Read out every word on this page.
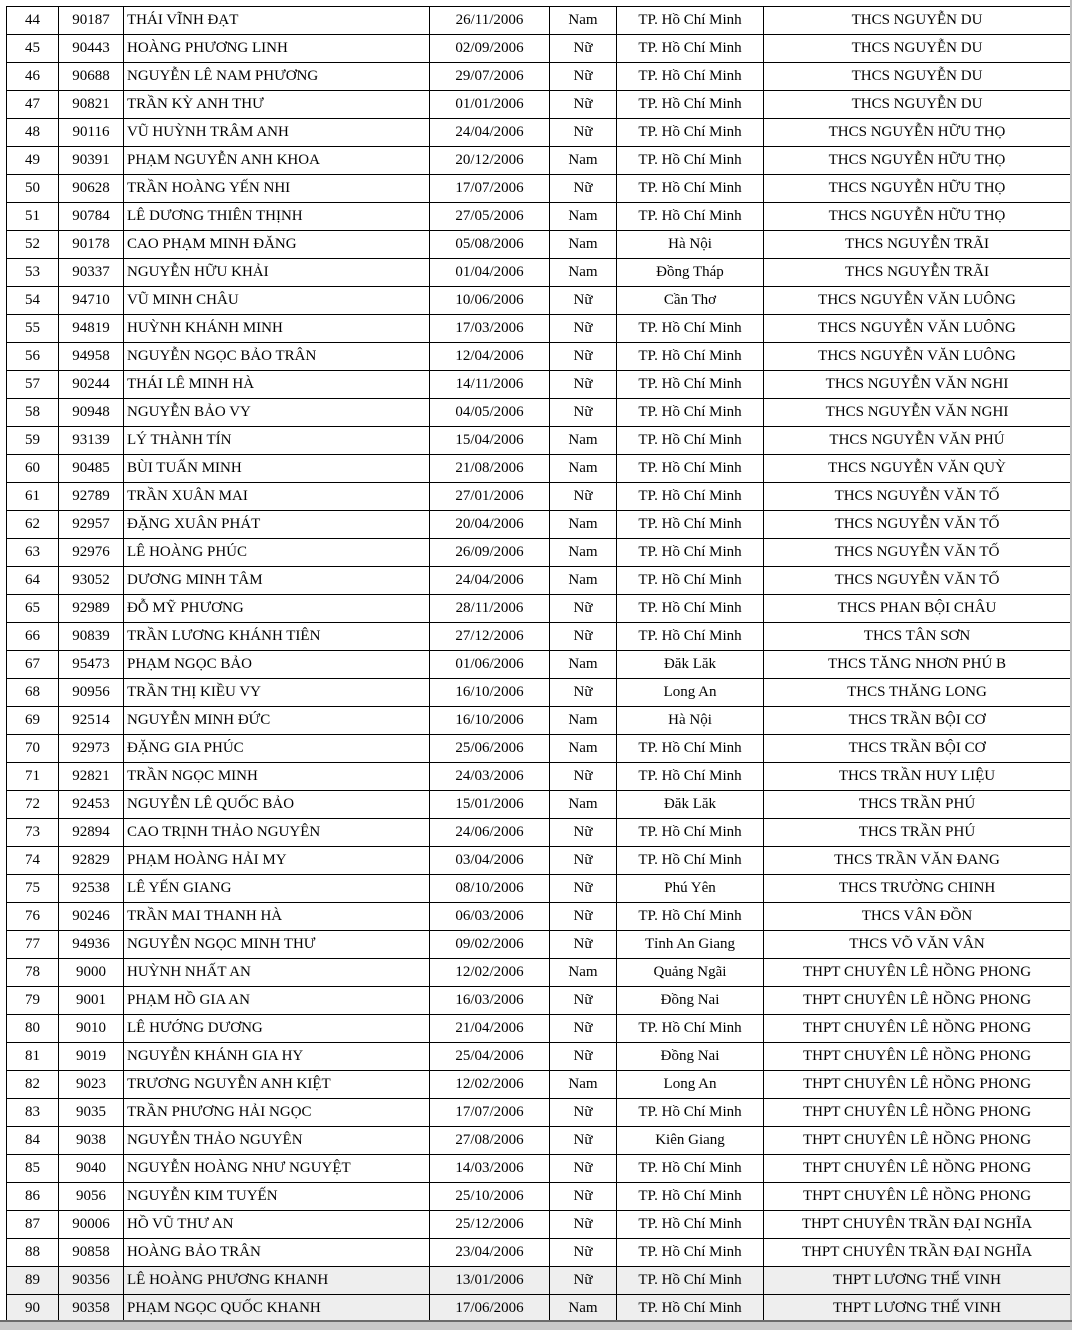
44	90187	THÁI VĨNH ĐẠT	26/11/2006	Nam	TP. Hồ Chí Minh	THCS NGUYỄN DU
45	90443	HOÀNG PHƯƠNG LINH	02/09/2006	Nữ	TP. Hồ Chí Minh	THCS NGUYỄN DU
46	90688	NGUYỄN LÊ NAM PHƯƠNG	29/07/2006	Nữ	TP. Hồ Chí Minh	THCS NGUYỄN DU
47	90821	TRẦN KỲ ANH THƯ	01/01/2006	Nữ	TP. Hồ Chí Minh	THCS NGUYỄN DU
48	90116	VŨ HUỲNH TRÂM ANH	24/04/2006	Nữ	TP. Hồ Chí Minh	THCS NGUYỄN HỮU THỌ
49	90391	PHẠM NGUYỄN ANH KHOA	20/12/2006	Nam	TP. Hồ Chí Minh	THCS NGUYỄN HỮU THỌ
50	90628	TRẦN HOÀNG YẾN NHI	17/07/2006	Nữ	TP. Hồ Chí Minh	THCS NGUYỄN HỮU THỌ
51	90784	LÊ DƯƠNG THIÊN THỊNH	27/05/2006	Nam	TP. Hồ Chí Minh	THCS NGUYỄN HỮU THỌ
52	90178	CAO PHẠM MINH ĐĂNG	05/08/2006	Nam	Hà Nội	THCS NGUYỄN TRÃI
53	90337	NGUYỄN HỮU KHẢI	01/04/2006	Nam	Đồng Tháp	THCS NGUYỄN TRÃI
54	94710	VŨ MINH CHÂU	10/06/2006	Nữ	Cần Thơ	THCS NGUYỄN VĂN LUÔNG
55	94819	HUỲNH KHÁNH MINH	17/03/2006	Nữ	TP. Hồ Chí Minh	THCS NGUYỄN VĂN LUÔNG
56	94958	NGUYỄN NGỌC BẢO TRÂN	12/04/2006	Nữ	TP. Hồ Chí Minh	THCS NGUYỄN VĂN LUÔNG
57	90244	THÁI LÊ MINH HÀ	14/11/2006	Nữ	TP. Hồ Chí Minh	THCS NGUYỄN VĂN NGHI
58	90948	NGUYỄN BẢO VY	04/05/2006	Nữ	TP. Hồ Chí Minh	THCS NGUYỄN VĂN NGHI
59	93139	LÝ THÀNH TÍN	15/04/2006	Nam	TP. Hồ Chí Minh	THCS NGUYỄN VĂN PHÚ
60	90485	BÙI TUẤN MINH	21/08/2006	Nam	TP. Hồ Chí Minh	THCS NGUYỄN VĂN QUỲ
61	92789	TRẦN XUÂN MAI	27/01/2006	Nữ	TP. Hồ Chí Minh	THCS NGUYỄN VĂN TỐ
62	92957	ĐẶNG XUÂN PHÁT	20/04/2006	Nam	TP. Hồ Chí Minh	THCS NGUYỄN VĂN TỐ
63	92976	LÊ HOÀNG PHÚC	26/09/2006	Nam	TP. Hồ Chí Minh	THCS NGUYỄN VĂN TỐ
64	93052	DƯƠNG MINH TÂM	24/04/2006	Nam	TP. Hồ Chí Minh	THCS NGUYỄN VĂN TỐ
65	92989	ĐỖ MỸ PHƯƠNG	28/11/2006	Nữ	TP. Hồ Chí Minh	THCS PHAN BỘI CHÂU
66	90839	TRẦN LƯƠNG KHÁNH TIÊN	27/12/2006	Nữ	TP. Hồ Chí Minh	THCS TÂN SƠN
67	95473	PHẠM NGỌC BẢO	01/06/2006	Nam	Đăk Lăk	THCS TĂNG NHƠN PHÚ B
68	90956	TRẦN THỊ KIỀU VY	16/10/2006	Nữ	Long An	THCS THĂNG LONG
69	92514	NGUYỄN MINH ĐỨC	16/10/2006	Nam	Hà Nội	THCS TRẦN BỘI CƠ
70	92973	ĐẶNG GIA PHÚC	25/06/2006	Nam	TP. Hồ Chí Minh	THCS TRẦN BỘI CƠ
71	92821	TRẦN NGỌC MINH	24/03/2006	Nữ	TP. Hồ Chí Minh	THCS TRẦN HUY LIỆU
72	92453	NGUYỄN LÊ QUỐC BẢO	15/01/2006	Nam	Đăk Lăk	THCS TRẦN PHÚ
73	92894	CAO TRỊNH THẢO NGUYÊN	24/06/2006	Nữ	TP. Hồ Chí Minh	THCS TRẦN PHÚ
74	92829	PHẠM HOÀNG HẢI MY	03/04/2006	Nữ	TP. Hồ Chí Minh	THCS TRẦN VĂN ĐANG
75	92538	LÊ YẾN GIANG	08/10/2006	Nữ	Phú Yên	THCS TRƯỜNG CHINH
76	90246	TRẦN MAI THANH HÀ	06/03/2006	Nữ	TP. Hồ Chí Minh	THCS VÂN ĐỒN
77	94936	NGUYỄN NGỌC MINH THƯ	09/02/2006	Nữ	Tỉnh An Giang	THCS VÕ VĂN VÂN
78	9000	HUỲNH NHẤT AN	12/02/2006	Nam	Quảng Ngãi	THPT CHUYÊN LÊ HỒNG PHONG
79	9001	PHẠM HỒ GIA AN	16/03/2006	Nữ	Đồng Nai	THPT CHUYÊN LÊ HỒNG PHONG
80	9010	LÊ HƯỚNG DƯƠNG	21/04/2006	Nữ	TP. Hồ Chí Minh	THPT CHUYÊN LÊ HỒNG PHONG
81	9019	NGUYỄN KHÁNH GIA HY	25/04/2006	Nữ	Đồng Nai	THPT CHUYÊN LÊ HỒNG PHONG
82	9023	TRƯƠNG NGUYỄN ANH KIỆT	12/02/2006	Nam	Long An	THPT CHUYÊN LÊ HỒNG PHONG
83	9035	TRẦN PHƯƠNG HẢI NGỌC	17/07/2006	Nữ	TP. Hồ Chí Minh	THPT CHUYÊN LÊ HỒNG PHONG
84	9038	NGUYỄN THẢO NGUYÊN	27/08/2006	Nữ	Kiên Giang	THPT CHUYÊN LÊ HỒNG PHONG
85	9040	NGUYỄN HOÀNG NHƯ NGUYỆT	14/03/2006	Nữ	TP. Hồ Chí Minh	THPT CHUYÊN LÊ HỒNG PHONG
86	9056	NGUYỄN KIM TUYẾN	25/10/2006	Nữ	TP. Hồ Chí Minh	THPT CHUYÊN LÊ HỒNG PHONG
87	90006	HỒ VŨ THƯ AN	25/12/2006	Nữ	TP. Hồ Chí Minh	THPT CHUYÊN TRẦN ĐẠI NGHĨA
88	90858	HOÀNG BẢO TRÂN	23/04/2006	Nữ	TP. Hồ Chí Minh	THPT CHUYÊN TRẦN ĐẠI NGHĨA
89	90356	LÊ HOÀNG PHƯƠNG KHANH	13/01/2006	Nữ	TP. Hồ Chí Minh	THPT LƯƠNG THẾ VINH
90	90358	PHẠM NGỌC QUỐC KHANH	17/06/2006	Nam	TP. Hồ Chí Minh	THPT LƯƠNG THẾ VINH
